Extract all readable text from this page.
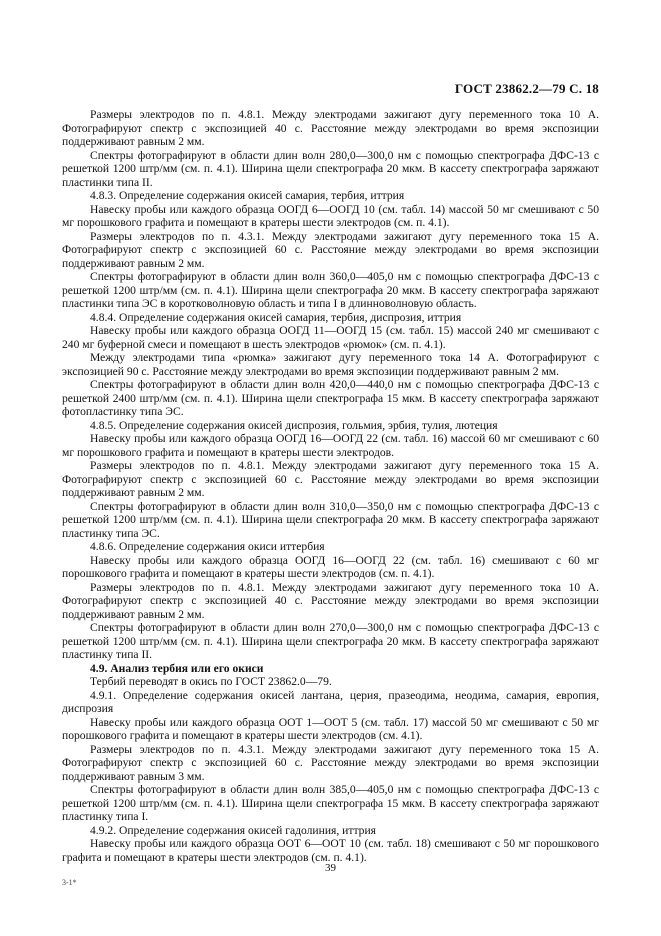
ГОСТ 23862.2—79 С. 18

Размеры электродов по п. 4.8.1. Между электродами зажигают дугу переменного тока 10 А. Фотографируют спектр с экспозицией 40 с. Расстояние между электродами во время экспозиции поддерживают равным 2 мм.

Спектры фотографируют в области длин волн 280,0—300,0 нм с помощью спектрографа ДФС-13 с решеткой 1200 штр/мм (см. п. 4.1). Ширина щели спектрографа 20 мкм. В кассету спектрографа заряжают пластинки типа II.

4.8.3. Определение содержания окисей самария, тербия, иттрия

Навеску пробы или каждого образца ООГД 6—ООГД 10 (см. табл. 14) массой 50 мг смешивают с 50 мг порошкового графита и помещают в кратеры шести электродов (см. п. 4.1).

Размеры электродов по п. 4.3.1. Между электродами зажигают дугу переменного тока 15 А. Фотографируют спектр с экспозицией 60 с. Расстояние между электродами во время экспозиции поддерживают равным 2 мм.

Спектры фотографируют в области длин волн 360,0—405,0 нм с помощью спектрографа ДФС-13 с решеткой 1200 штр/мм (см. п. 4.1). Ширина щели спектрографа 20 мкм. В кассету спектрографа заряжают пластинки типа ЭС в коротковолновую область и типа I в длинноволновую область.

4.8.4. Определение содержания окисей самария, тербия, диспрозия, иттрия

Навеску пробы или каждого образца ООГД 11—ООГД 15 (см. табл. 15) массой 240 мг смешивают с 240 мг буферной смеси и помещают в шесть электродов «рюмок» (см. п. 4.1).

Между электродами типа «рюмка» зажигают дугу переменного тока 14 А. Фотографируют с экспозицией 90 с. Расстояние между электродами во время экспозиции поддерживают равным 2 мм.

Спектры фотографируют в области длин волн 420,0—440,0 нм с помощью спектрографа ДФС-13 с решеткой 2400 штр/мм (см. п. 4.1). Ширина щели спектрографа 15 мкм. В кассету спектрографа заряжают фотопластинку типа ЭС.

4.8.5. Определение содержания окисей диспрозия, гольмия, эрбия, тулия, лютеция

Навеску пробы или каждого образца ООГД 16—ООГД 22 (см. табл. 16) массой 60 мг смешивают с 60 мг порошкового графита и помещают в кратеры шести электродов.

Размеры электродов по п. 4.8.1. Между электродами зажигают дугу переменного тока 15 А. Фотографируют спектр с экспозицией 60 с. Расстояние между электродами во время экспозиции поддерживают равным 2 мм.

Спектры фотографируют в области длин волн 310,0—350,0 нм с помощью спектрографа ДФС-13 с решеткой 1200 штр/мм (см. п. 4.1). Ширина щели спектрографа 20 мкм. В кассету спектрографа заряжают пластинку типа ЭС.

4.8.6. Определение содержания окиси иттербия

Навеску пробы или каждого образца ООГД 16—ООГД 22 (см. табл. 16) смешивают с 60 мг порошкового графита и помещают в кратеры шести электродов (см. п. 4.1).

Размеры электродов по п. 4.8.1. Между электродами зажигают дугу переменного тока 10 А. Фотографируют спектр с экспозицией 40 с. Расстояние между электродами во время экспозиции поддерживают равным 2 мм.

Спектры фотографируют в области длин волн 270,0—300,0 нм с помощью спектрографа ДФС-13 с решеткой 1200 штр/мм (см. п. 4.1). Ширина щели спектрографа 20 мкм. В кассету спектрографа заряжают пластинку типа II.

4.9. Анализ тербия или его окиси

Тербий переводят в окись по ГОСТ 23862.0—79.

4.9.1. Определение содержания окисей лантана, церия, празеодима, неодима, самария, европия, диспрозия

Навеску пробы или каждого образца ООТ 1—ООТ 5 (см. табл. 17) массой 50 мг смешивают с 50 мг порошкового графита и помещают в кратеры шести электродов (см. 4.1).

Размеры электродов по п. 4.3.1. Между электродами зажигают дугу переменного тока 15 А. Фотографируют спектр с экспозицией 60 с. Расстояние между электродами во время экспозиции поддерживают равным 3 мм.

Спектры фотографируют в области длин волн 385,0—405,0 нм с помощью спектрографа ДФС-13 с решеткой 1200 штр/мм (см. п. 4.1). Ширина щели спектрографа 15 мкм. В кассету спектрографа заряжают пластинку типа I.

4.9.2. Определение содержания окисей гадолиния, иттрия

Навеску пробы или каждого образца ООТ 6—ООТ 10 (см. табл. 18) смешивают с 50 мг порошкового графита и помещают в кратеры шести электродов (см. п. 4.1).

39
3-1*
